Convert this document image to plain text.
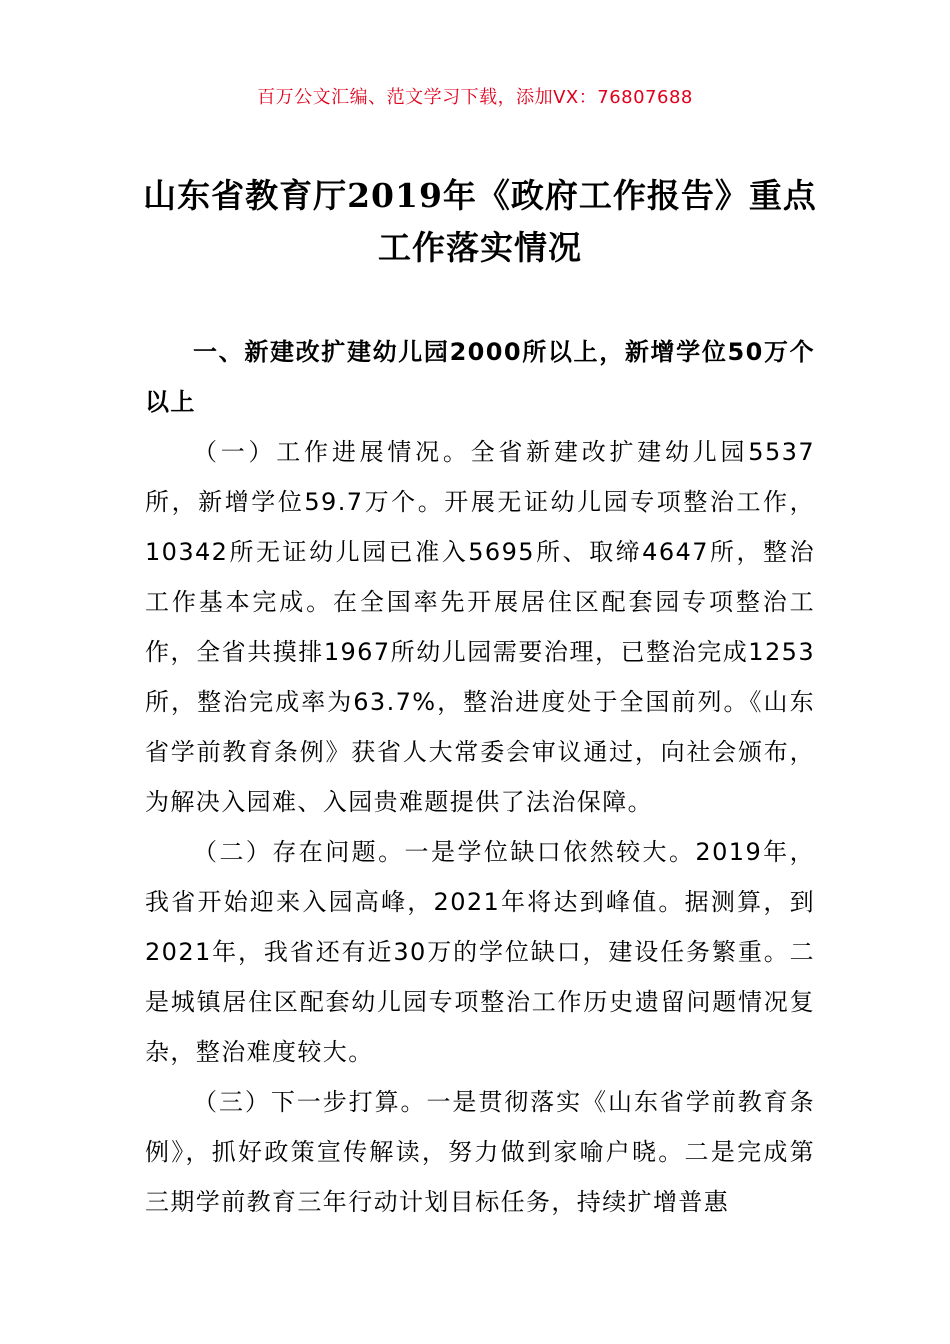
百万公文汇编、范文学习下载，添加VX：76807688
山东省教育厅2019年《政府工作报告》重点工作落实情况

一、新建改扩建幼儿园2000所以上，新增学位50万个以上

（一）工作进展情况。全省新建改扩建幼儿园5537所，新增学位59.7万个。开展无证幼儿园专项整治工作，10342所无证幼儿园已准入5695所、取缔4647所，整治工作基本完成。在全国率先开展居住区配套园专项整治工作，全省共摸排1967所幼儿园需要治理，已整治完成1253所，整治完成率为63.7%，整治进度处于全国前列。《山东省学前教育条例》获省人大常委会审议通过，向社会颁布，为解决入园难、入园贵难题提供了法治保障。

（二）存在问题。一是学位缺口依然较大。2019年，我省开始迎来入园高峰，2021年将达到峰值。据测算，到2021年，我省还有近30万的学位缺口，建设任务繁重。二是城镇居住区配套幼儿园专项整治工作历史遗留问题情况复杂，整治难度较大。

（三）下一步打算。一是贯彻落实《山东省学前教育条例》，抓好政策宣传解读，努力做到家喻户晓。二是完成第三期学前教育三年行动计划目标任务，持续扩增普惠
